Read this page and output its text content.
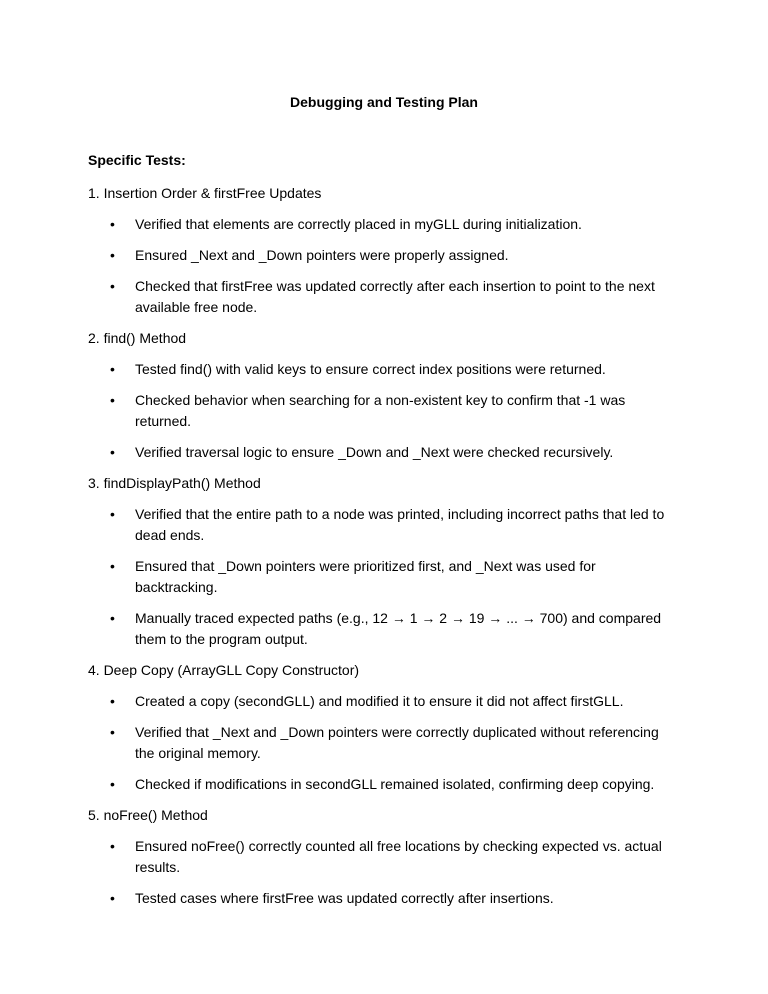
Debugging and Testing Plan
Specific Tests:
1. Insertion Order & firstFree Updates
• Verified that elements are correctly placed in myGLL during initialization.
• Ensured _Next and _Down pointers were properly assigned.
• Checked that firstFree was updated correctly after each insertion to point to the next available free node.
2. find() Method
• Tested find() with valid keys to ensure correct index positions were returned.
• Checked behavior when searching for a non-existent key to confirm that -1 was returned.
• Verified traversal logic to ensure _Down and _Next were checked recursively.
3. findDisplayPath() Method
• Verified that the entire path to a node was printed, including incorrect paths that led to dead ends.
• Ensured that _Down pointers were prioritized first, and _Next was used for backtracking.
• Manually traced expected paths (e.g., 12 → 1 → 2 → 19 → ... → 700) and compared them to the program output.
4. Deep Copy (ArrayGLL Copy Constructor)
• Created a copy (secondGLL) and modified it to ensure it did not affect firstGLL.
• Verified that _Next and _Down pointers were correctly duplicated without referencing the original memory.
• Checked if modifications in secondGLL remained isolated, confirming deep copying.
5. noFree() Method
• Ensured noFree() correctly counted all free locations by checking expected vs. actual results.
• Tested cases where firstFree was updated correctly after insertions.
